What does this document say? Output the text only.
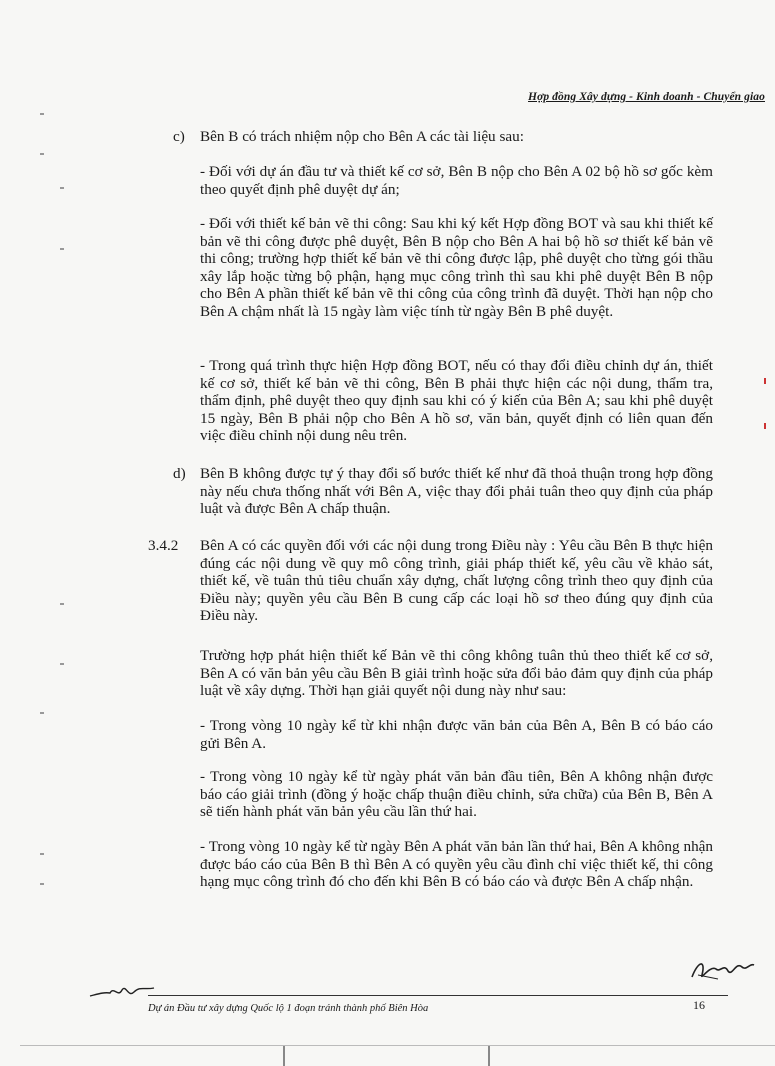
Hợp đồng Xây dựng - Kinh doanh - Chuyển giao
c) Bên B có trách nhiệm nộp cho Bên A các tài liệu sau:
- Đối với dự án đầu tư và thiết kế cơ sở, Bên B nộp cho Bên A 02 bộ hồ sơ gốc kèm theo quyết định phê duyệt dự án;
- Đối với thiết kế bản vẽ thi công: Sau khi ký kết Hợp đồng BOT và sau khi thiết kế bản vẽ thi công được phê duyệt, Bên B nộp cho Bên A hai bộ hồ sơ thiết kế bản vẽ thi công; trường hợp thiết kế bản vẽ thi công được lập, phê duyệt cho từng gói thầu xây lắp hoặc từng bộ phận, hạng mục công trình thì sau khi phê duyệt Bên B nộp cho Bên A phần thiết kế bản vẽ thi công của công trình đã duyệt. Thời hạn nộp cho Bên A chậm nhất là 15 ngày làm việc tính từ ngày Bên B phê duyệt.
- Trong quá trình thực hiện Hợp đồng BOT, nếu có thay đổi điều chỉnh dự án, thiết kế cơ sở, thiết kế bản vẽ thi công, Bên B phải thực hiện các nội dung, thẩm tra, thẩm định, phê duyệt theo quy định sau khi có ý kiến của Bên A; sau khi phê duyệt 15 ngày, Bên B phải nộp cho Bên A hồ sơ, văn bản, quyết định có liên quan đến việc điều chỉnh nội dung nêu trên.
d) Bên B không được tự ý thay đổi số bước thiết kế như đã thoả thuận trong hợp đồng này nếu chưa thống nhất với Bên A, việc thay đổi phải tuân theo quy định của pháp luật và được Bên A chấp thuận.
3.4.2 Bên A có các quyền đối với các nội dung trong Điều này : Yêu cầu Bên B thực hiện đúng các nội dung về quy mô công trình, giải pháp thiết kế, yêu cầu về khảo sát, thiết kế, về tuân thủ tiêu chuẩn xây dựng, chất lượng công trình theo quy định của Điều này; quyền yêu cầu Bên B cung cấp các loại hồ sơ theo đúng quy định của Điều này.
Trường hợp phát hiện thiết kế Bản vẽ thi công không tuân thủ theo thiết kế cơ sở, Bên A có văn bản yêu cầu Bên B giải trình hoặc sửa đổi bảo đảm quy định của pháp luật về xây dựng. Thời hạn giải quyết nội dung này như sau:
- Trong vòng 10 ngày kể từ khi nhận được văn bản của Bên A, Bên B có báo cáo gửi Bên A.
- Trong vòng 10 ngày kể từ ngày phát văn bản đầu tiên, Bên A không nhận được báo cáo giải trình (đồng ý hoặc chấp thuận điều chỉnh, sửa chữa) của Bên B, Bên A sẽ tiến hành phát văn bản yêu cầu lần thứ hai.
- Trong vòng 10 ngày kể từ ngày Bên A phát văn bản lần thứ hai, Bên A không nhận được báo cáo của Bên B thì Bên A có quyền yêu cầu đình chỉ việc thiết kế, thi công hạng mục công trình đó cho đến khi Bên B có báo cáo và được Bên A chấp nhận.
Dự án Đầu tư xây dựng Quốc lộ 1 đoạn tránh thành phố Biên Hòa	16
